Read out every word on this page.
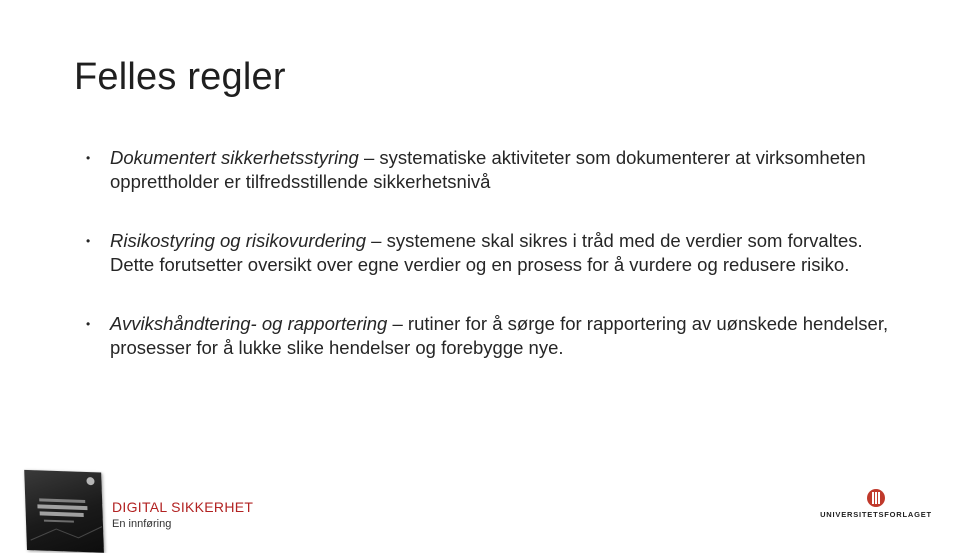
Felles regler
• Dokumentert sikkerhetsstyring – systematiske aktiviteter som dokumenterer at virksomheten opprettholder er tilfredsstillende sikkerhetsnivå
• Risikostyring og risikovurdering – systemene skal sikres i tråd med de verdier som forvaltes. Dette forutsetter oversikt over egne verdier og en prosess for å vurdere og redusere risiko.
• Avvikshåndtering- og rapportering – rutiner for å sørge for rapportering av uønskede hendelser, prosesser for å lukke slike hendelser og forebygge nye.
DIGITAL SIKKERHET
En innføring
UNIVERSITETSFORLAGET
